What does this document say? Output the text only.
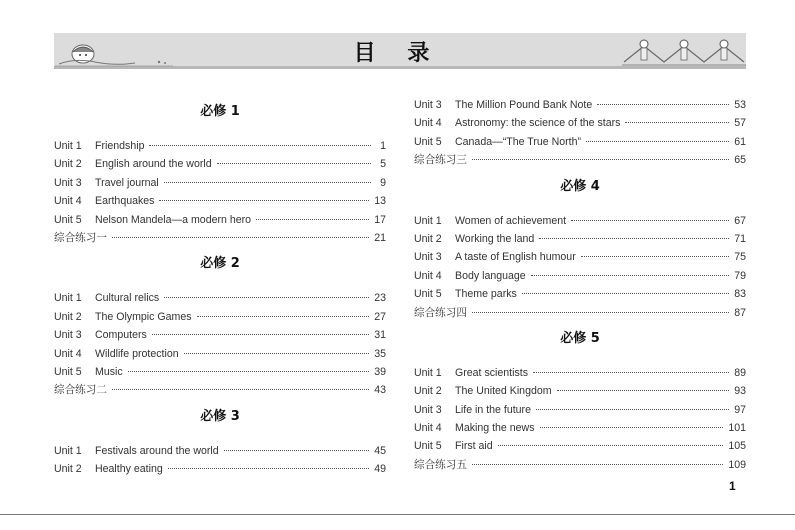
目 录
必修 1
Unit 1	Friendship	1
Unit 2	English around the world	5
Unit 3	Travel journal	9
Unit 4	Earthquakes	13
Unit 5	Nelson Mandela—a modern hero	17
综合练习一	21
必修 2
Unit 1	Cultural relics	23
Unit 2	The Olympic Games	27
Unit 3	Computers	31
Unit 4	Wildlife protection	35
Unit 5	Music	39
综合练习二	43
必修 3
Unit 1	Festivals around the world	45
Unit 2	Healthy eating	49
Unit 3	The Million Pound Bank Note	53
Unit 4	Astronomy: the science of the stars	57
Unit 5	Canada—“The True North”	61
综合练习三	65
必修 4
Unit 1	Women of achievement	67
Unit 2	Working the land	71
Unit 3	A taste of English humour	75
Unit 4	Body language	79
Unit 5	Theme parks	83
综合练习四	87
必修 5
Unit 1	Great scientists	89
Unit 2	The United Kingdom	93
Unit 3	Life in the future	97
Unit 4	Making the news	101
Unit 5	First aid	105
综合练习五	109
1
